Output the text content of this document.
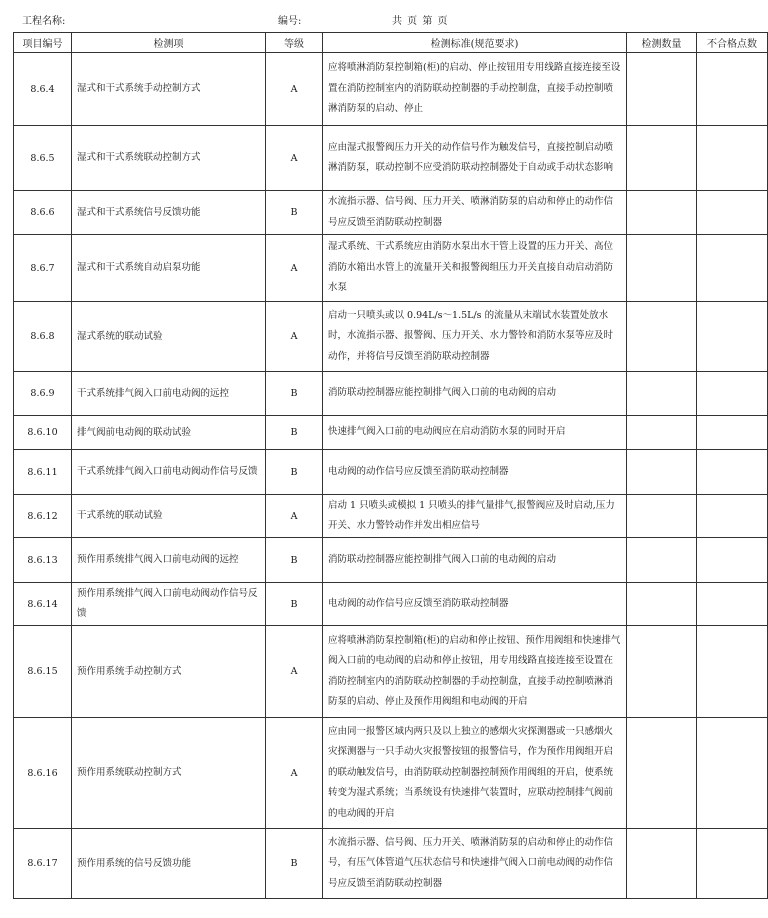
工程名称:	编号:	共 页 第 页
项目编号	检测项	等级	检测标准(规范要求)	检测数量	不合格点数
8.6.4	湿式和干式系统手动控制方式	A	应将喷淋消防泵控制箱(柜)的启动、停止按钮用专用线路直接连接至设置在消防控制室内的消防联动控制器的手动控制盘，直接手动控制喷淋消防泵的启动、停止		
8.6.5	湿式和干式系统联动控制方式	A	应由湿式报警阀压力开关的动作信号作为触发信号，直接控制启动喷淋消防泵，联动控制不应受消防联动控制器处于自动或手动状态影响		
8.6.6	湿式和干式系统信号反馈功能	B	水流指示器、信号阀、压力开关、喷淋消防泵的启动和停止的动作信号应反馈至消防联动控制器		
8.6.7	湿式和干式系统自动启泵功能	A	湿式系统、干式系统应由消防水泵出水干管上设置的压力开关、高位消防水箱出水管上的流量开关和报警阀组压力开关直接自动启动消防水泵		
8.6.8	湿式系统的联动试验	A	启动一只喷头或以 0.94L/s～1.5L/s 的流量从末端试水装置处放水时，水流指示器、报警阀、压力开关、水力警铃和消防水泵等应及时动作，并将信号反馈至消防联动控制器		
8.6.9	干式系统排气阀入口前电动阀的远控	B	消防联动控制器应能控制排气阀入口前的电动阀的启动		
8.6.10	排气阀前电动阀的联动试验	B	快速排气阀入口前的电动阀应在启动消防水泵的同时开启		
8.6.11	干式系统排气阀入口前电动阀动作信号反馈	B	电动阀的动作信号应反馈至消防联动控制器		
8.6.12	干式系统的联动试验	A	启动 1 只喷头或模拟 1 只喷头的排气量排气,报警阀应及时启动,压力开关、水力警铃动作并发出相应信号		
8.6.13	预作用系统排气阀入口前电动阀的远控	B	消防联动控制器应能控制排气阀入口前的电动阀的启动		
8.6.14	预作用系统排气阀入口前电动阀动作信号反馈	B	电动阀的动作信号应反馈至消防联动控制器		
8.6.15	预作用系统手动控制方式	A	应将喷淋消防泵控制箱(柜)的启动和停止按钮、预作用阀组和快速排气阀入口前的电动阀的启动和停止按钮，用专用线路直接连接至设置在消防控制室内的消防联动控制器的手动控制盘，直接手动控制喷淋消防泵的启动、停止及预作用阀组和电动阀的开启		
8.6.16	预作用系统联动控制方式	A	应由同一报警区域内两只及以上独立的感烟火灾探测器或一只感烟火灾探测器与一只手动火灾报警按钮的报警信号，作为预作用阀组开启的联动触发信号，由消防联动控制器控制预作用阀组的开启，使系统转变为湿式系统；当系统设有快速排气装置时，应联动控制排气阀前的电动阀的开启		
8.6.17	预作用系统的信号反馈功能	B	水流指示器、信号阀、压力开关、喷淋消防泵的启动和停止的动作信号，有压气体管道气压状态信号和快速排气阀入口前电动阀的动作信号应反馈至消防联动控制器		
